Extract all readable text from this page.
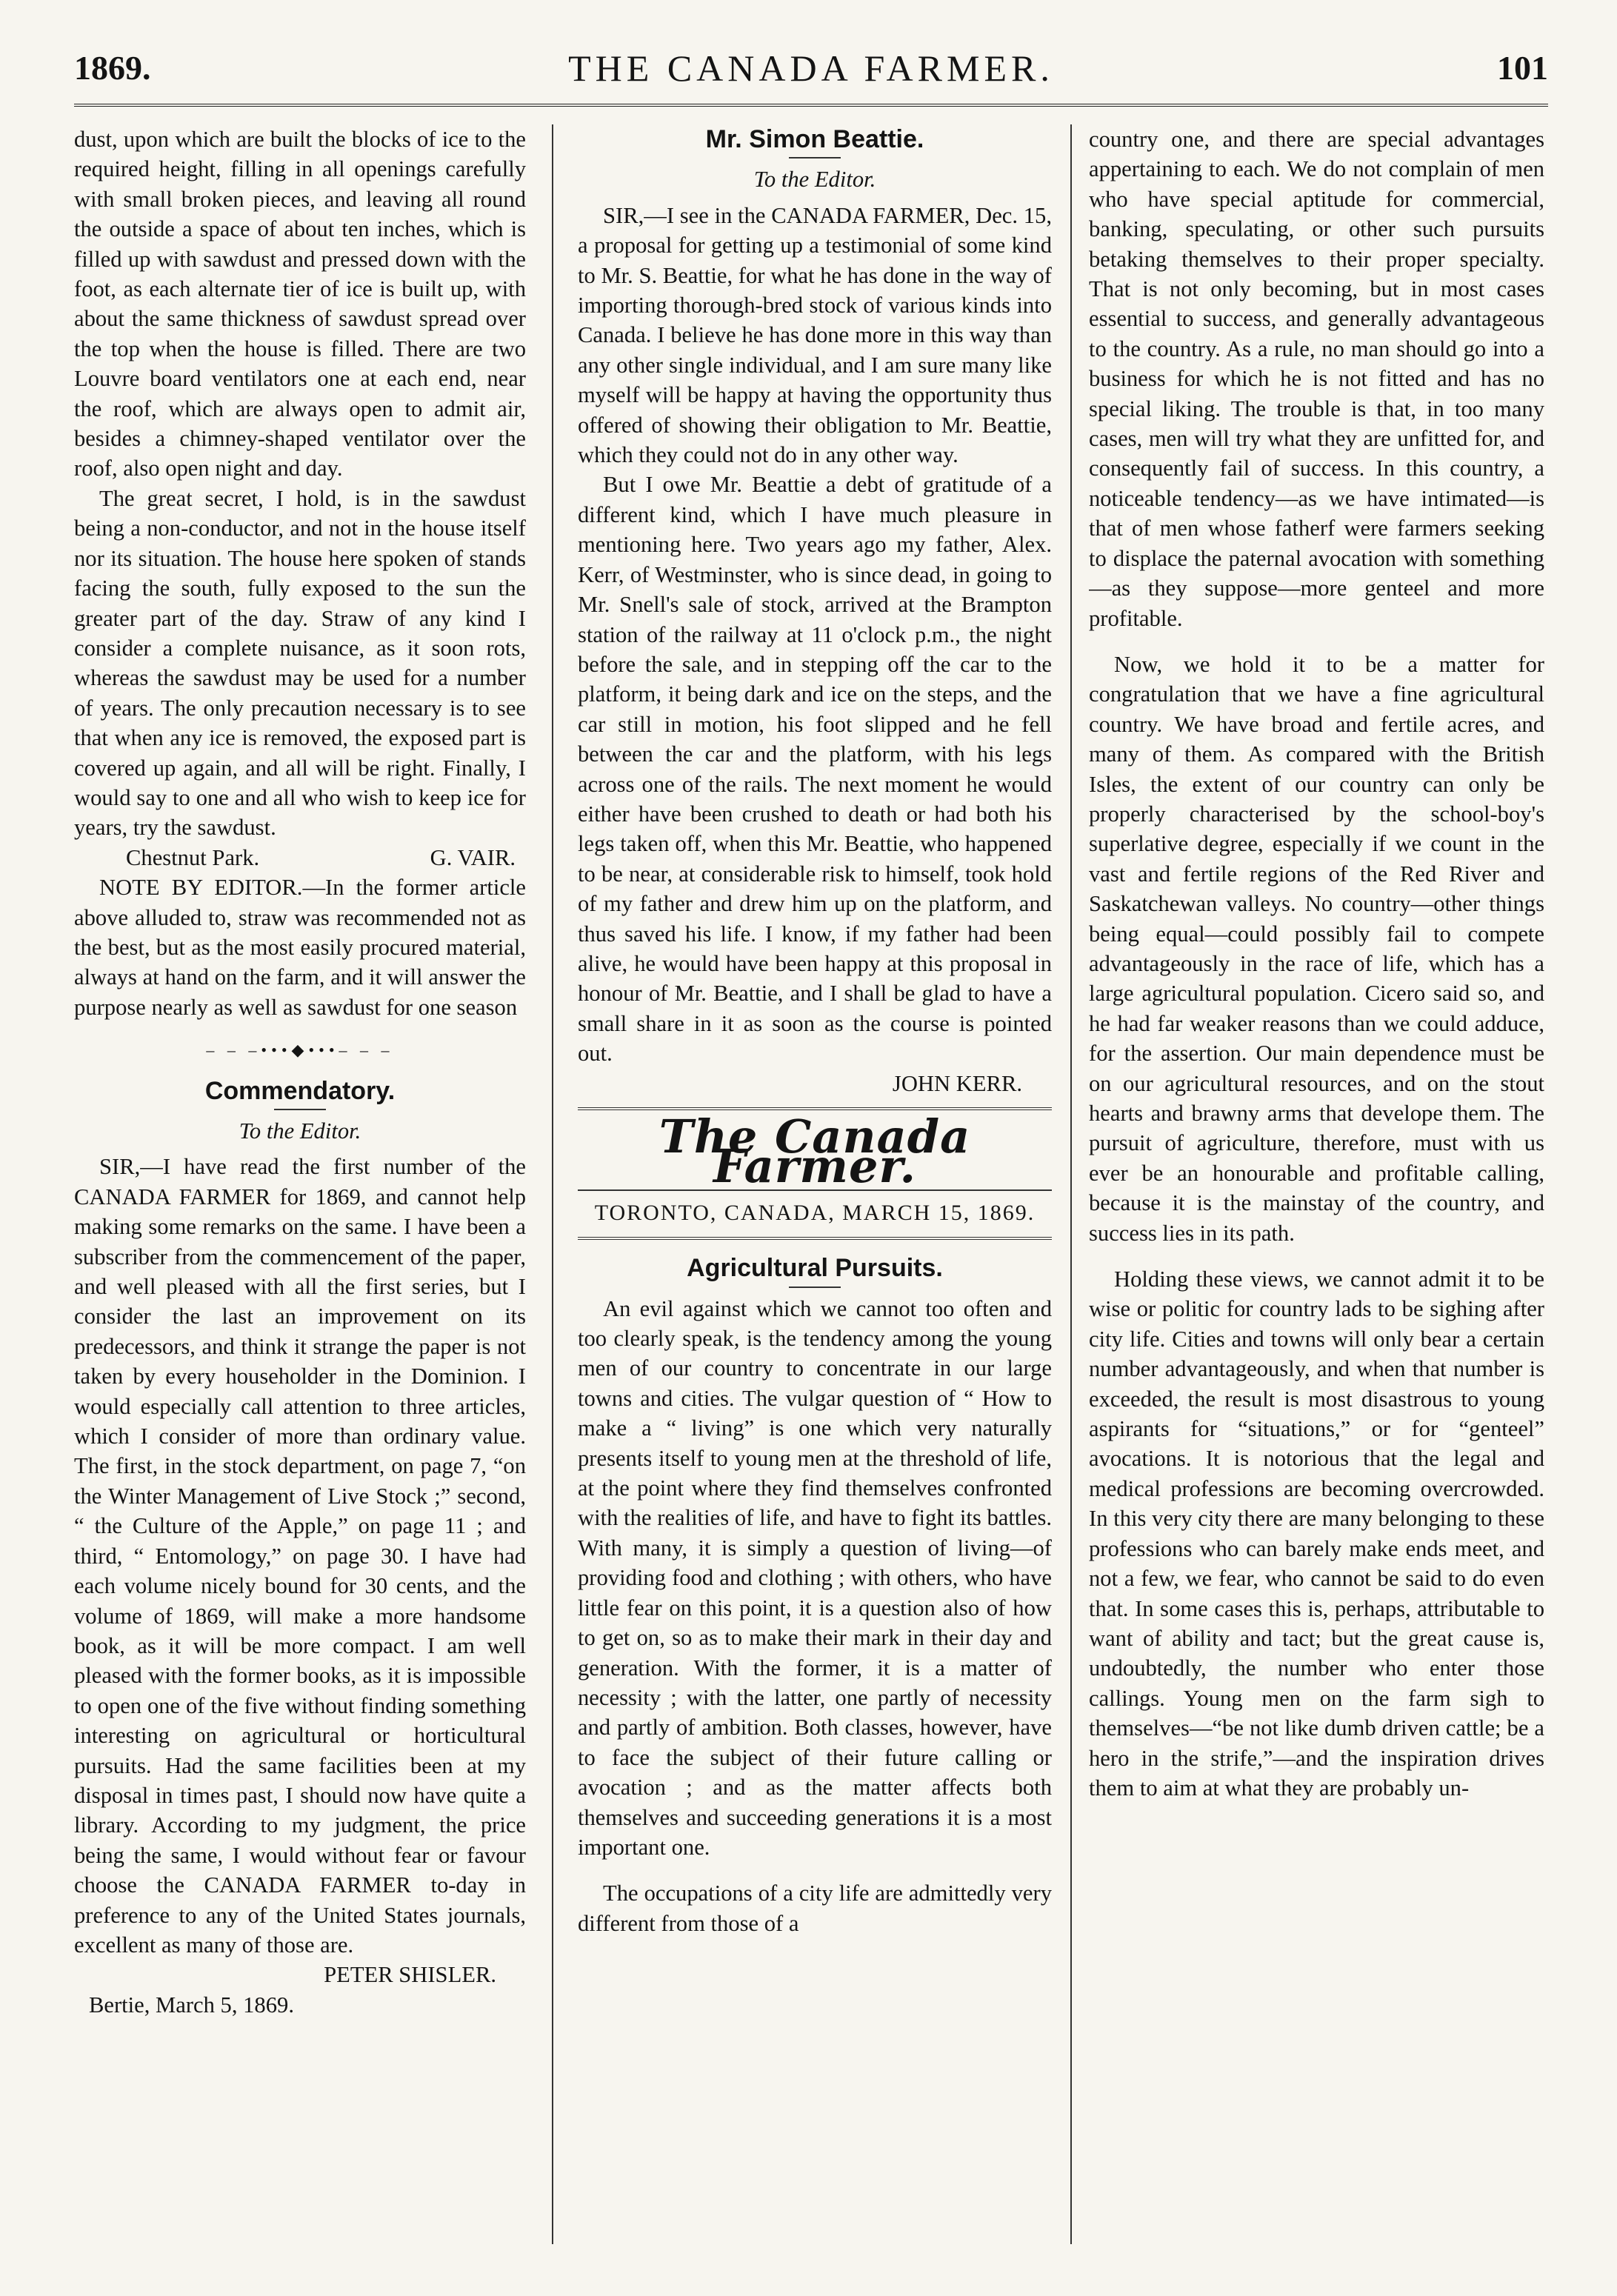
1869.	THE CANADA FARMER.	101

dust, upon which are built the blocks of ice to the required height, filling in all openings carefully with small broken pieces, and leaving all round the outside a space of about ten inches, which is filled up with sawdust and pressed down with the foot, as each alternate tier of ice is built up, with about the same thickness of sawdust spread over the top when the house is filled. There are two Louvre board ventilators one at each end, near the roof, which are always open to admit air, besides a chimney-shaped ventilator over the roof, also open night and day.

The great secret, I hold, is in the sawdust being a non-conductor, and not in the house itself nor its situation. The house here spoken of stands facing the south, fully exposed to the sun the greater part of the day. Straw of any kind I consider a complete nuisance, as it soon rots, whereas the sawdust may be used for a number of years. The only precaution necessary is to see that when any ice is removed, the exposed part is covered up again, and all will be right. Finally, I would say to one and all who wish to keep ice for years, try the sawdust.

Chestnut Park.	G. VAIR.

NOTE BY EDITOR.—In the former article above alluded to, straw was recommended not as the best, but as the most easily procured material, always at hand on the farm, and it will answer the purpose nearly as well as sawdust for one season

– – –•••◆•••– – –
Commendatory.
To the Editor.

SIR,—I have read the first number of the CANADA FARMER for 1869, and cannot help making some remarks on the same. I have been a subscriber from the commencement of the paper, and well pleased with all the first series, but I consider the last an improvement on its predecessors, and think it strange the paper is not taken by every householder in the Dominion. I would especially call attention to three articles, which I consider of more than ordinary value. The first, in the stock department, on page 7, “on the Winter Management of Live Stock ;” second, “ the Culture of the Apple,” on page 11 ; and third, “ Entomology,” on page 30. I have had each volume nicely bound for 30 cents, and the volume of 1869, will make a more handsome book, as it will be more compact. I am well pleased with the former books, as it is impossible to open one of the five without finding something interesting on agricultural or horticultural pursuits. Had the same facilities been at my disposal in times past, I should now have quite a library. According to my judgment, the price being the same, I would without fear or favour choose the CANADA FARMER to-day in preference to any of the United States journals, excellent as many of those are.

PETER SHISLER.
Bertie, March 5, 1869.
Mr. Simon Beattie.
To the Editor.

SIR,—I see in the CANADA FARMER, Dec. 15, a proposal for getting up a testimonial of some kind to Mr. S. Beattie, for what he has done in the way of importing thorough-bred stock of various kinds into Canada. I believe he has done more in this way than any other single individual, and I am sure many like myself will be happy at having the opportunity thus offered of showing their obligation to Mr. Beattie, which they could not do in any other way.

But I owe Mr. Beattie a debt of gratitude of a different kind, which I have much pleasure in mentioning here. Two years ago my father, Alex. Kerr, of Westminster, who is since dead, in going to Mr. Snell's sale of stock, arrived at the Brampton station of the railway at 11 o'clock p.m., the night before the sale, and in stepping off the car to the platform, it being dark and ice on the steps, and the car still in motion, his foot slipped and he fell between the car and the platform, with his legs across one of the rails. The next moment he would either have been crushed to death or had both his legs taken off, when this Mr. Beattie, who happened to be near, at considerable risk to himself, took hold of my father and drew him up on the platform, and thus saved his life. I know, if my father had been alive, he would have been happy at this proposal in honour of Mr. Beattie, and I shall be glad to have a small share in it as soon as the course is pointed out.

JOHN KERR.
The Canada Farmer.
TORONTO, CANADA, MARCH 15, 1869.
Agricultural Pursuits.

An evil against which we cannot too often and too clearly speak, is the tendency among the young men of our country to concentrate in our large towns and cities. The vulgar question of “ How to make a “ living” is one which very naturally presents itself to young men at the threshold of life, at the point where they find themselves confronted with the realities of life, and have to fight its battles. With many, it is simply a question of living—of providing food and clothing ; with others, who have little fear on this point, it is a question also of how to get on, so as to make their mark in their day and generation. With the former, it is a matter of necessity ; with the latter, one partly of necessity and partly of ambition. Both classes, however, have to face the subject of their future calling or avocation ; and as the matter affects both themselves and succeeding generations it is a most important one.

The occupations of a city life are admittedly very different from those of a

country one, and there are special advantages appertaining to each. We do not complain of men who have special aptitude for commercial, banking, speculating, or other such pursuits betaking themselves to their proper specialty. That is not only becoming, but in most cases essential to success, and generally advantageous to the country. As a rule, no man should go into a business for which he is not fitted and has no special liking. The trouble is that, in too many cases, men will try what they are unfitted for, and consequently fail of success. In this country, a noticeable tendency—as we have intimated—is that of men whose fatherf were farmers seeking to displace the paternal avocation with something—as they suppose—more genteel and more profitable.

Now, we hold it to be a matter for congratulation that we have a fine agricultural country. We have broad and fertile acres, and many of them. As compared with the British Isles, the extent of our country can only be properly characterised by the school-boy's superlative degree, especially if we count in the vast and fertile regions of the Red River and Saskatchewan valleys. No country—other things being equal—could possibly fail to compete advantageously in the race of life, which has a large agricultural population. Cicero said so, and he had far weaker reasons than we could adduce, for the assertion. Our main dependence must be on our agricultural resources, and on the stout hearts and brawny arms that develope them. The pursuit of agriculture, therefore, must with us ever be an honourable and profitable calling, because it is the mainstay of the country, and success lies in its path.

Holding these views, we cannot admit it to be wise or politic for country lads to be sighing after city life. Cities and towns will only bear a certain number advantageously, and when that number is exceeded, the result is most disastrous to young aspirants for “situations,” or for “genteel” avocations. It is notorious that the legal and medical professions are becoming overcrowded. In this very city there are many belonging to these professions who can barely make ends meet, and not a few, we fear, who cannot be said to do even that. In some cases this is, perhaps, attributable to want of ability and tact; but the great cause is, undoubtedly, the number who enter those callings. Young men on the farm sigh to themselves—“be not like dumb driven cattle; be a hero in the strife,”—and the inspiration drives them to aim at what they are probably un-
